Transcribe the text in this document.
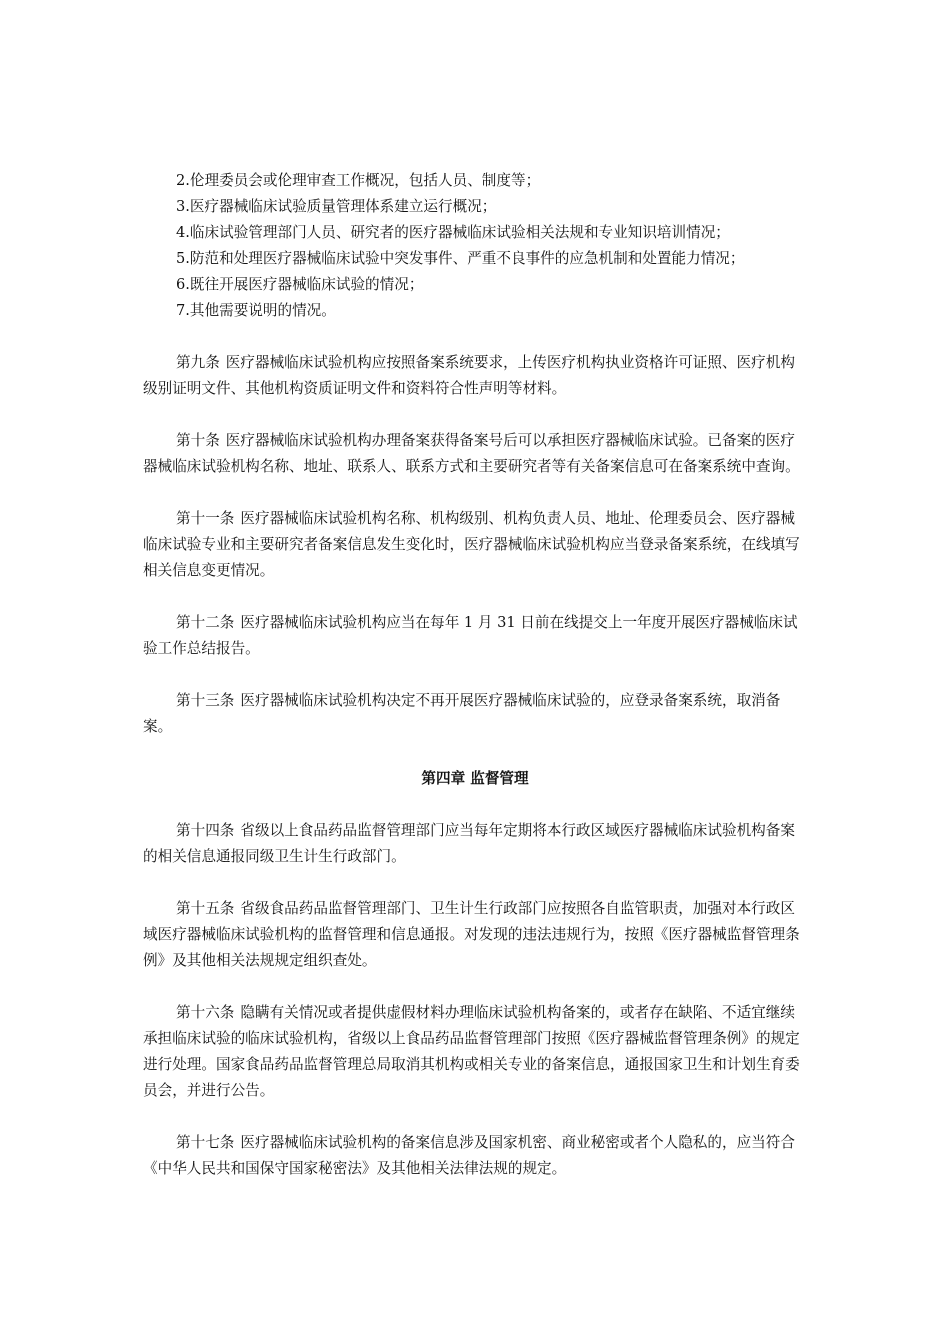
2.伦理委员会或伦理审查工作概况，包括人员、制度等；

3.医疗器械临床试验质量管理体系建立运行概况；

4.临床试验管理部门人员、研究者的医疗器械临床试验相关法规和专业知识培训情况；

5.防范和处理医疗器械临床试验中突发事件、严重不良事件的应急机制和处置能力情况；

6.既往开展医疗器械临床试验的情况；

7.其他需要说明的情况。

第九条 医疗器械临床试验机构应按照备案系统要求，上传医疗机构执业资格许可证照、医疗机构级别证明文件、其他机构资质证明文件和资料符合性声明等材料。

第十条 医疗器械临床试验机构办理备案获得备案号后可以承担医疗器械临床试验。已备案的医疗器械临床试验机构名称、地址、联系人、联系方式和主要研究者等有关备案信息可在备案系统中查询。

第十一条 医疗器械临床试验机构名称、机构级别、机构负责人员、地址、伦理委员会、医疗器械临床试验专业和主要研究者备案信息发生变化时，医疗器械临床试验机构应当登录备案系统，在线填写相关信息变更情况。

第十二条 医疗器械临床试验机构应当在每年 1 月 31 日前在线提交上一年度开展医疗器械临床试验工作总结报告。

第十三条 医疗器械临床试验机构决定不再开展医疗器械临床试验的，应登录备案系统，取消备案。

第四章 监督管理

第十四条 省级以上食品药品监督管理部门应当每年定期将本行政区域医疗器械临床试验机构备案的相关信息通报同级卫生计生行政部门。

第十五条 省级食品药品监督管理部门、卫生计生行政部门应按照各自监管职责，加强对本行政区域医疗器械临床试验机构的监督管理和信息通报。对发现的违法违规行为，按照《医疗器械监督管理条例》及其他相关法规规定组织查处。

第十六条 隐瞒有关情况或者提供虚假材料办理临床试验机构备案的，或者存在缺陷、不适宜继续承担临床试验的临床试验机构，省级以上食品药品监督管理部门按照《医疗器械监督管理条例》的规定进行处理。国家食品药品监督管理总局取消其机构或相关专业的备案信息，通报国家卫生和计划生育委员会，并进行公告。

第十七条 医疗器械临床试验机构的备案信息涉及国家机密、商业秘密或者个人隐私的，应当符合《中华人民共和国保守国家秘密法》及其他相关法律法规的规定。
